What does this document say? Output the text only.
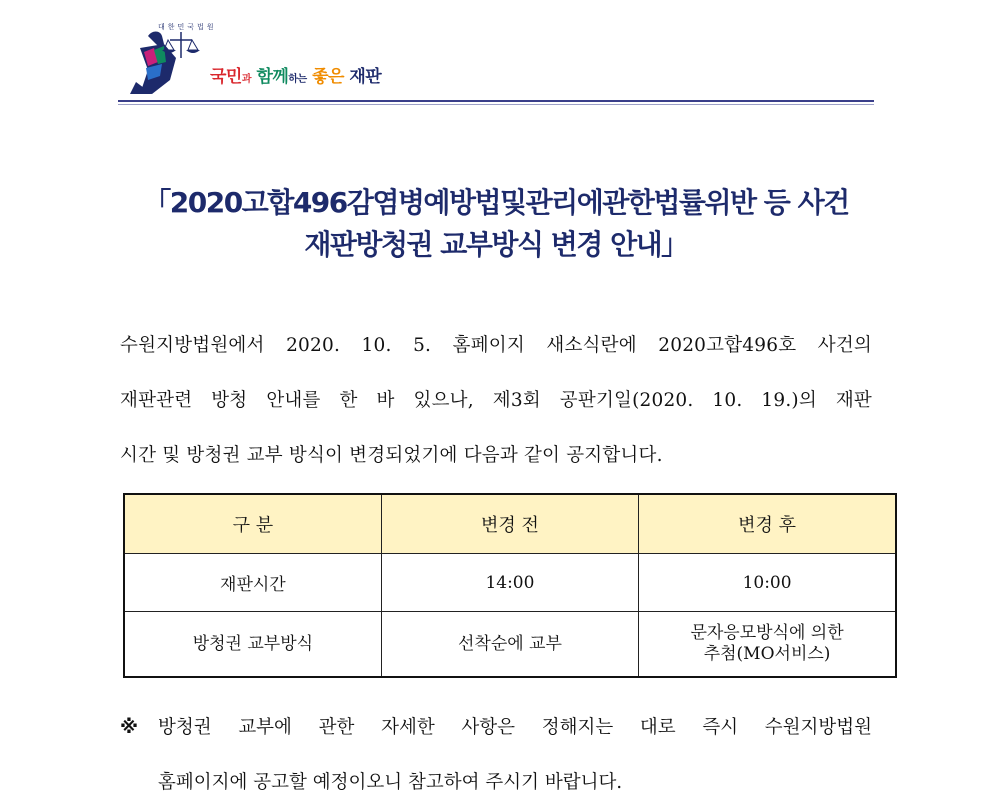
대한민국법원
국민과 함께하는 좋은 재판
「2020고합496감염병예방법및관리에관한법률위반 등 사건
재판방청권 교부방식 변경 안내」
수원지방법원에서 2020. 10. 5. 홈페이지 새소식란에 2020고합496호 사건의
재판관련 방청 안내를 한 바 있으나, 제3회 공판기일(2020. 10. 19.)의 재판
시간 및 방청권 교부 방식이 변경되었기에 다음과 같이 공지합니다.
구 분	변경 전	변경 후
재판시간	14:00	10:00
방청권 교부방식	선착순에 교부	문자응모방식에 의한
추첨(MO서비스)
※ 방청권 교부에 관한 자세한 사항은 정해지는 대로 즉시 수원지방법원
홈페이지에 공고할 예정이오니 참고하여 주시기 바랍니다.
